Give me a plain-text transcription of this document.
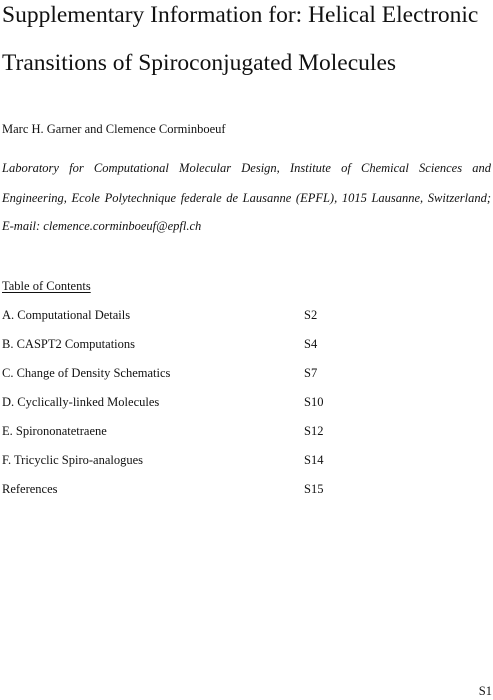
Supplementary Information for: Helical Electronic
Transitions of Spiroconjugated Molecules
Marc H. Garner and Clemence Corminboeuf
Laboratory for Computational Molecular Design, Institute of Chemical Sciences and
Engineering, Ecole Polytechnique federale de Lausanne (EPFL), 1015 Lausanne, Switzerland;
E-mail: clemence.corminboeuf@epfl.ch
Table of Contents
A. Computational Details	S2
B. CASPT2 Computations	S4
C. Change of Density Schematics	S7
D. Cyclically-linked Molecules	S10
E. Spirononatetraene	S12
F. Tricyclic Spiro-analogues	S14
References	S15
S1
